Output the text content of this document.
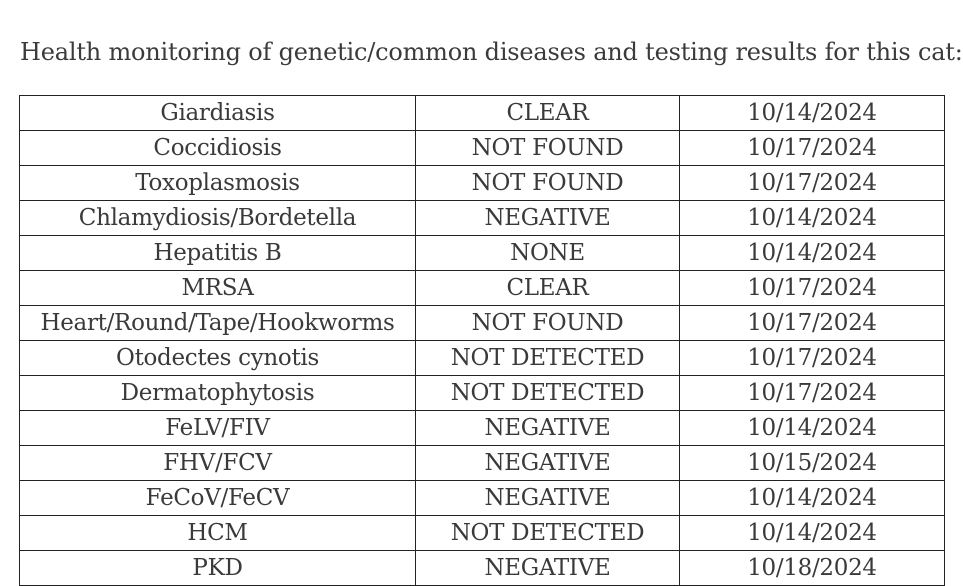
Health monitoring of genetic/common diseases and testing results for this cat:

Giardiasis	CLEAR	10/14/2024
Coccidiosis	NOT FOUND	10/17/2024
Toxoplasmosis	NOT FOUND	10/17/2024
Chlamydiosis/Bordetella	NEGATIVE	10/14/2024
Hepatitis B	NONE	10/14/2024
MRSA	CLEAR	10/17/2024
Heart/Round/Tape/Hookworms	NOT FOUND	10/17/2024
Otodectes cynotis	NOT DETECTED	10/17/2024
Dermatophytosis	NOT DETECTED	10/17/2024
FeLV/FIV	NEGATIVE	10/14/2024
FHV/FCV	NEGATIVE	10/15/2024
FeCoV/FeCV	NEGATIVE	10/14/2024
HCM	NOT DETECTED	10/14/2024
PKD	NEGATIVE	10/18/2024
